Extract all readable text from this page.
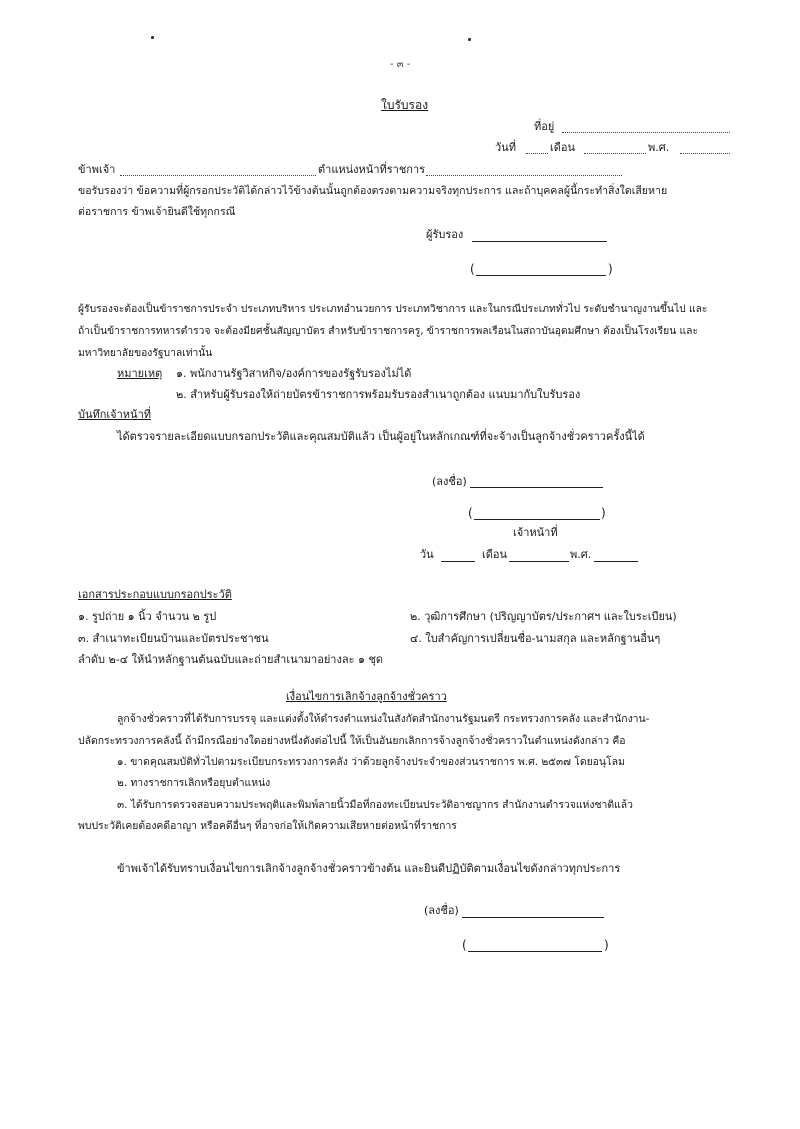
- ๓ -
ใบรับรอง
ที่อยู่
วันที่	เดือน	พ.ศ.
ข้าพเจ้า	ตำแหน่งหน้าที่ราชการ
ขอรับรองว่า ข้อความที่ผู้กรอกประวัติได้กล่าวไว้ข้างต้นนั้นถูกต้องตรงตามความจริงทุกประการ และถ้าบุคคลผู้นี้กระทำสิ่งใดเสียหาย
ต่อราชการ ข้าพเจ้ายินดีใช้ทุกกรณี
ผู้รับรอง
(	)
ผู้รับรองจะต้องเป็นข้าราชการประจำ ประเภทบริหาร ประเภทอำนวยการ ประเภทวิชาการ และในกรณีประเภททั่วไป ระดับชำนาญงานขึ้นไป และ
ถ้าเป็นข้าราชการทหารตำรวจ จะต้องมียศชั้นสัญญาบัตร สำหรับข้าราชการครู, ข้าราชการพลเรือนในสถาบันอุดมศึกษา ต้องเป็นโรงเรียน และ
มหาวิทยาลัยของรัฐบาลเท่านั้น
หมายเหตุ ๑. พนักงานรัฐวิสาหกิจ/องค์การของรัฐรับรองไม่ได้
๒. สำหรับผู้รับรองให้ถ่ายบัตรข้าราชการพร้อมรับรองสำเนาถูกต้อง แนบมากับใบรับรอง
บันทึกเจ้าหน้าที่
ได้ตรวจรายละเอียดแบบกรอกประวัติและคุณสมบัติแล้ว เป็นผู้อยู่ในหลักเกณฑ์ที่จะจ้างเป็นลูกจ้างชั่วคราวครั้งนี้ได้
(ลงชื่อ)
(	)
เจ้าหน้าที่
วัน	เดือน	พ.ศ.
เอกสารประกอบแบบกรอกประวัติ
๑. รูปถ่าย ๑ นิ้ว จำนวน ๒ รูป	๒. วุฒิการศึกษา (ปริญญาบัตร/ประกาศฯ และใบระเบียน)
๓. สำเนาทะเบียนบ้านและบัตรประชาชน	๔. ใบสำคัญการเปลี่ยนชื่อ-นามสกุล และหลักฐานอื่นๆ
ลำดับ ๒-๔ ให้นำหลักฐานต้นฉบับและถ่ายสำเนามาอย่างละ ๑ ชุด
เงื่อนไขการเลิกจ้างลูกจ้างชั่วคราว
ลูกจ้างชั่วคราวที่ได้รับการบรรจุ และแต่งตั้งให้ดำรงตำแหน่งในสังกัดสำนักงานรัฐมนตรี กระทรวงการคลัง และสำนักงาน-
ปลัดกระทรวงการคลังนี้ ถ้ามีกรณีอย่างใดอย่างหนึ่งดังต่อไปนี้ ให้เป็นอันยกเลิกการจ้างลูกจ้างชั่วคราวในตำแหน่งดังกล่าว คือ
๑. ขาดคุณสมบัติทั่วไปตามระเบียบกระทรวงการคลัง ว่าด้วยลูกจ้างประจำของส่วนราชการ พ.ศ. ๒๕๓๗ โดยอนุโลม
๒. ทางราชการเลิกหรือยุบตำแหน่ง
๓. ได้รับการตรวจสอบความประพฤติและพิมพ์ลายนิ้วมือที่กองทะเบียนประวัติอาชญากร สำนักงานตำรวจแห่งชาติแล้ว
พบประวัติเคยต้องคดีอาญา หรือคดีอื่นๆ ที่อาจก่อให้เกิดความเสียหายต่อหน้าที่ราชการ
ข้าพเจ้าได้รับทราบเงื่อนไขการเลิกจ้างลูกจ้างชั่วคราวข้างต้น และยินดีปฏิบัติตามเงื่อนไขดังกล่าวทุกประการ
(ลงชื่อ)
(	)
